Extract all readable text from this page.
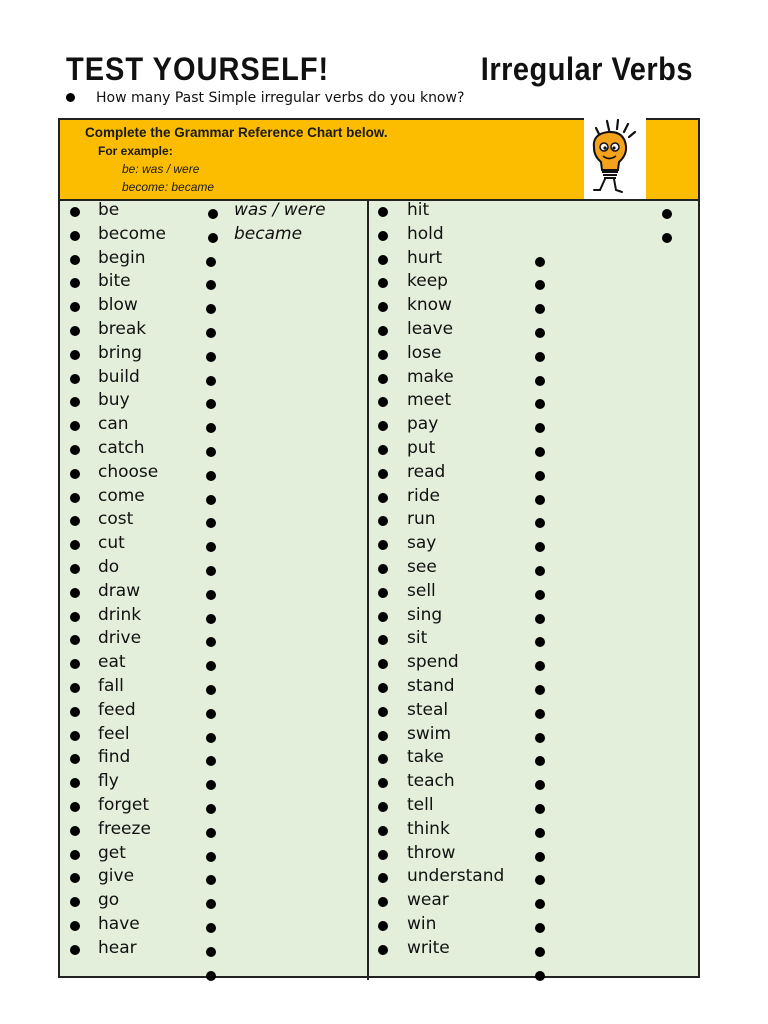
TEST YOURSELF!	Irregular Verbs
How many Past Simple irregular verbs do you know?
Complete the Grammar Reference Chart below.
For example:
be: was / were
become: became
be	was / were
become	became
begin
bite
blow
break
bring
build
buy
can
catch
choose
come
cost
cut
do
draw
drink
drive
eat
fall
feed
feel
find
fly
forget
freeze
get
give
go
have
hear
hit
hold
hurt
keep
know
leave
lose
make
meet
pay
put
read
ride
run
say
see
sell
sing
sit
spend
stand
steal
swim
take
teach
tell
think
throw
understand
wear
win
write
